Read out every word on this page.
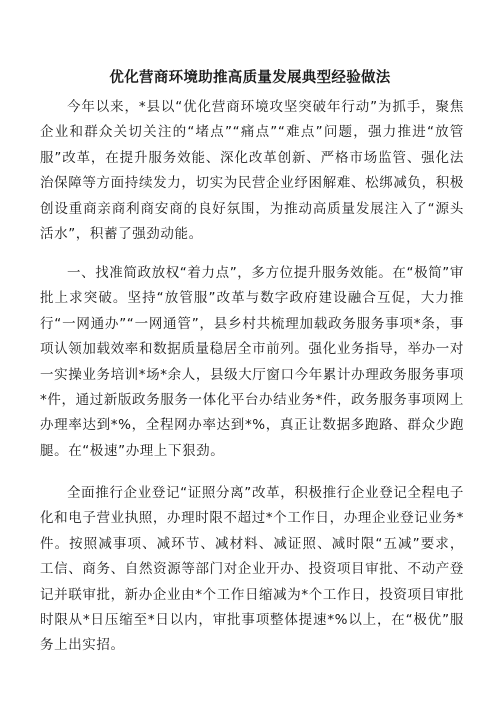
优化营商环境助推高质量发展典型经验做法

今年以来，*县以“优化营商环境攻坚突破年行动”为抓手，聚焦企业和群众关切关注的“堵点”“痛点”“难点”问题，强力推进“放管服”改革，在提升服务效能、深化改革创新、严格市场监管、强化法治保障等方面持续发力，切实为民营企业纾困解难、松绑减负，积极创设重商亲商利商安商的良好氛围，为推动高质量发展注入了“源头活水”，积蓄了强劲动能。

一、找准简政放权“着力点”，多方位提升服务效能。在“极简”审批上求突破。坚持“放管服”改革与数字政府建设融合互促，大力推行“一网通办”“一网通管”，县乡村共梳理加载政务服务事项*条，事项认领加载效率和数据质量稳居全市前列。强化业务指导，举办一对一实操业务培训*场*余人，县级大厅窗口今年累计办理政务服务事项*件，通过新版政务服务一体化平台办结业务*件，政务服务事项网上办理率达到*%，全程网办率达到*%，真正让数据多跑路、群众少跑腿。在“极速”办理上下狠劲。

全面推行企业登记“证照分离”改革，积极推行企业登记全程电子化和电子营业执照，办理时限不超过*个工作日，办理企业登记业务*件。按照减事项、减环节、减材料、减证照、减时限“五减”要求，工信、商务、自然资源等部门对企业开办、投资项目审批、不动产登记并联审批，新办企业由*个工作日缩减为*个工作日，投资项目审批时限从*日压缩至*日以内，审批事项整体提速*%以上，在“极优”服务上出实招。
